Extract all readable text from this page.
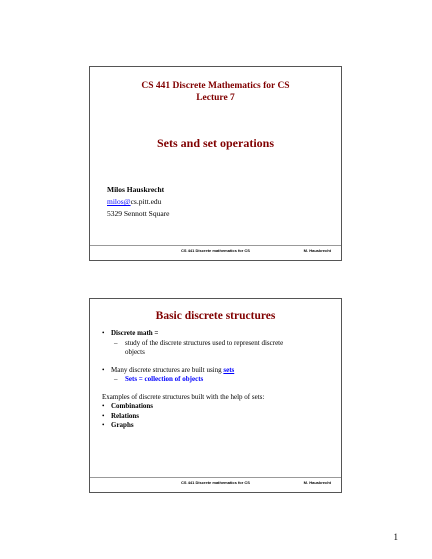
CS 441 Discrete Mathematics for CS
Lecture 7
Sets and set operations
Milos Hauskrecht
milos@cs.pitt.edu
5329 Sennott Square
CS 441 Discrete mathematics for CS	M. Hauskrecht
Basic discrete structures
• Discrete math =
– study of the discrete structures used to represent discrete
objects
• Many discrete structures are built using sets
– Sets = collection of objects
Examples of discrete structures built with the help of sets:
• Combinations
• Relations
• Graphs
CS 441 Discrete mathematics for CS	M. Hauskrecht
1
